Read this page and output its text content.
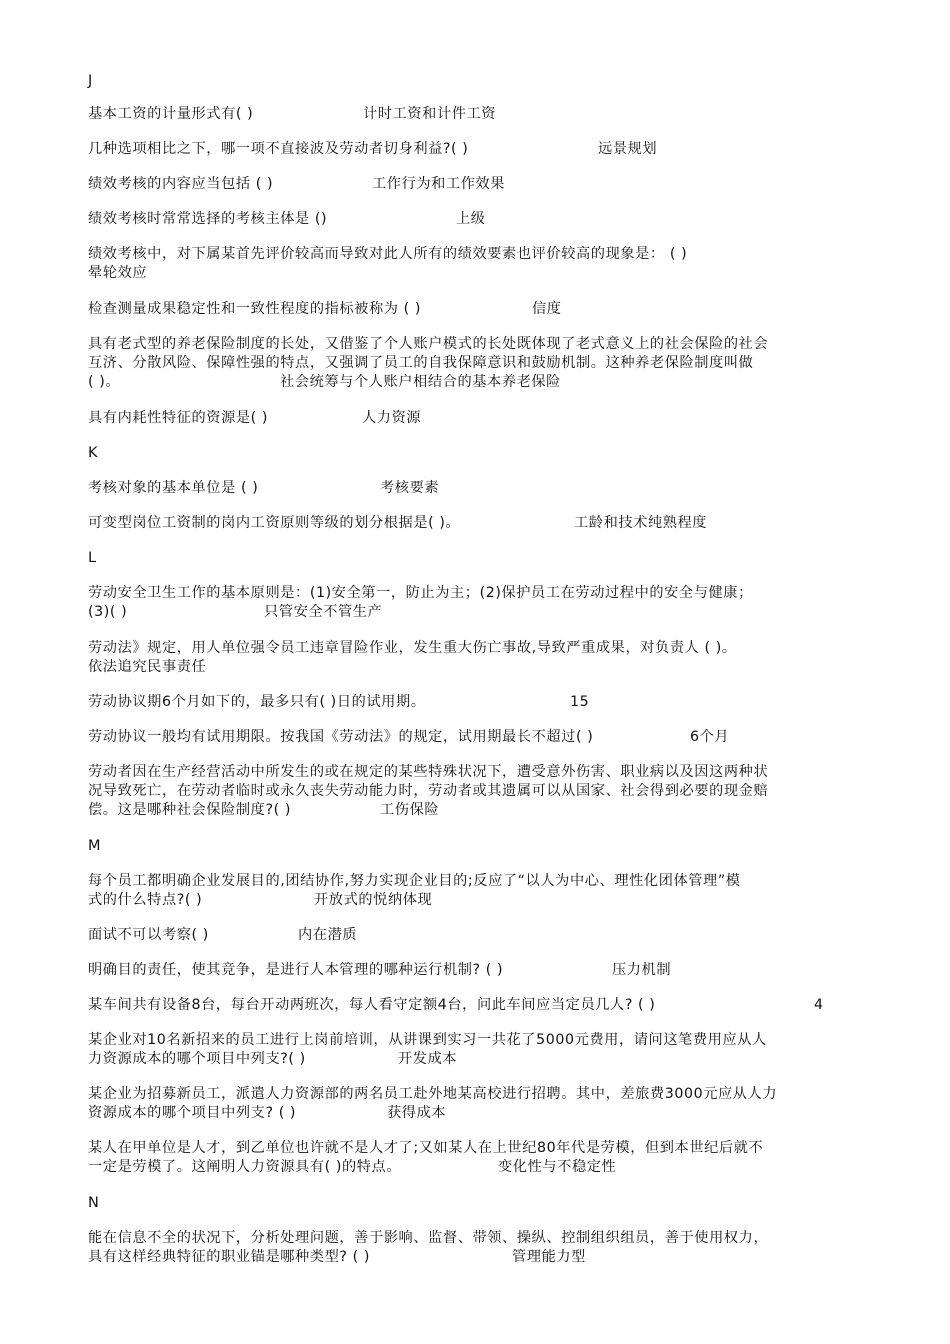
J
基本工资的计量形式有( )	计时工资和计件工资
几种选项相比之下，哪一项不直接波及劳动者切身利益?( )	远景规划
绩效考核的内容应当包括 ( )	工作行为和工作效果
绩效考核时常常选择的考核主体是 ()	上级
绩效考核中，对下属某首先评价较高而导致对此人所有的绩效要素也评价较高的现象是： ( )
晕轮效应
检查测量成果稳定性和一致性程度的指标被称为 ( )	信度
具有老式型的养老保险制度的长处，又借鉴了个人账户模式的长处既体现了老式意义上的社会保险的社会
互济、分散风险、保障性强的特点，又强调了员工的自我保障意识和鼓励机制。这种养老保险制度叫做
( )。	社会统筹与个人账户相结合的基本养老保险
具有内耗性特征的资源是( )	人力资源
K
考核对象的基本单位是 ( )	考核要素
可变型岗位工资制的岗内工资原则等级的划分根据是( )。	工龄和技术纯熟程度
L
劳动安全卫生工作的基本原则是：(1)安全第一，防止为主；(2)保护员工在劳动过程中的安全与健康；
(3)( )	只管安全不管生产
劳动法》规定，用人单位强令员工违章冒险作业，发生重大伤亡事故,导致严重成果，对负责人 ( )。
依法追究民事责任
劳动协议期6个月如下的，最多只有( )日的试用期。	15
劳动协议一般均有试用期限。按我国《劳动法》的规定，试用期最长不超过( )	6个月
劳动者因在生产经营活动中所发生的或在规定的某些特殊状况下，遭受意外伤害、职业病以及因这两种状
况导致死亡，在劳动者临时或永久丧失劳动能力时，劳动者或其遗属可以从国家、社会得到必要的现金赔
偿。这是哪种社会保险制度?( )	工伤保险
M
每个员工都明确企业发展目的,团结协作,努力实现企业目的;反应了“以人为中心、理性化团体管理”模
式的什么特点?( )	开放式的悦纳体现
面试不可以考察( )	内在潜质
明确目的责任，使其竞争，是进行人本管理的哪种运行机制? ( )	压力机制
某车间共有设备8台，每台开动两班次，每人看守定额4台，问此车间应当定员几人? ( )	4
某企业对10名新招来的员工进行上岗前培训，从讲课到实习一共花了5000元费用，请问这笔费用应从人
力资源成本的哪个项目中列支?( )	开发成本
某企业为招募新员工，派遣人力资源部的两名员工赴外地某高校进行招聘。其中，差旅费3000元应从人力
资源成本的哪个项目中列支? ( )	获得成本
某人在甲单位是人才，到乙单位也许就不是人才了;又如某人在上世纪80年代是劳模，但到本世纪后就不
一定是劳模了。这阐明人力资源具有( )的特点。	变化性与不稳定性
N
能在信息不全的状况下，分析处理问题，善于影响、监督、带领、操纵、控制组织组员，善于使用权力，
具有这样经典特征的职业锚是哪种类型? ( )	管理能力型
